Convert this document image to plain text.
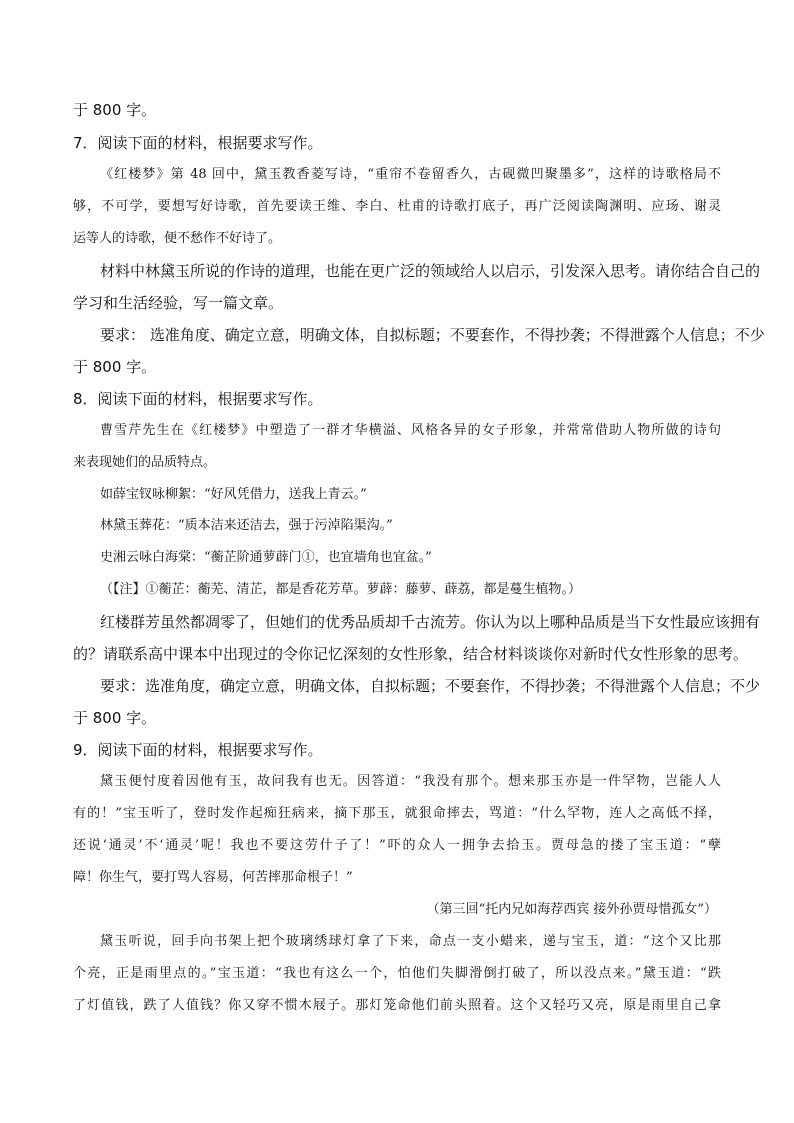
于 800 字。

7．阅读下面的材料，根据要求写作。

《红楼梦》第 48 回中，黛玉教香菱写诗，“重帘不卷留香久，古砚微凹聚墨多”，这样的诗歌格局不

够，不可学，要想写好诗歌，首先要读王维、李白、杜甫的诗歌打底子，再广泛阅读陶渊明、应玚、谢灵

运等人的诗歌，便不愁作不好诗了。

材料中林黛玉所说的作诗的道理，也能在更广泛的领域给人以启示，引发深入思考。请你结合自己的

学习和生活经验，写一篇文章。

要求： 选准角度、确定立意，明确文体，自拟标题；不要套作，不得抄袭；不得泄露个人信息；不少

于 800 字。

8．阅读下面的材料，根据要求写作。

曹雪芹先生在《红楼梦》中塑造了一群才华横溢、风格各异的女子形象，并常常借助人物所做的诗句

来表现她们的品质特点。

如薛宝钗咏柳絮：“好风凭借力，送我上青云。”

林黛玉葬花：“质本洁来还洁去，强于污淖陷渠沟。”

史湘云咏白海棠：“蘅芷阶通萝薜门①，也宜墙角也宜盆。”

（【注】①蘅芷：蘅芜、清芷，都是香花芳草。萝薜：藤萝、薜荔，都是蔓生植物。）

红楼群芳虽然都凋零了，但她们的优秀品质却千古流芳。你认为以上哪种品质是当下女性最应该拥有

的？请联系高中课本中出现过的令你记忆深刻的女性形象，结合材料谈谈你对新时代女性形象的思考。

要求：选准角度，确定立意，明确文体，自拟标题；不要套作，不得抄袭；不得泄露个人信息；不少

于 800 字。

9．阅读下面的材料，根据要求写作。

黛玉便忖度着因他有玉，故问我有也无。因答道：“我没有那个。想来那玉亦是一件罕物，岂能人人

有的！”宝玉听了，登时发作起痴狂病来，摘下那玉，就狠命摔去，骂道：“什么罕物，连人之高低不择，

还说‘通灵’不‘通灵’呢！我也不要这劳什子了！”吓的众人一拥争去拾玉。贾母急的搂了宝玉道：“孽

障！你生气，要打骂人容易，何苦摔那命根子！”

（第三回“托内兄如海荐西宾 接外孙贾母惜孤女”）

黛玉听说，回手向书架上把个玻璃绣球灯拿了下来，命点一支小蜡来，递与宝玉，道：“这个又比那

个亮，正是雨里点的。”宝玉道：“我也有这么一个，怕他们失脚滑倒打破了，所以没点来。”黛玉道：“跌

了灯值钱，跌了人值钱？你又穿不惯木屐子。那灯笼命他们前头照着。这个又轻巧又亮，原是雨里自己拿
